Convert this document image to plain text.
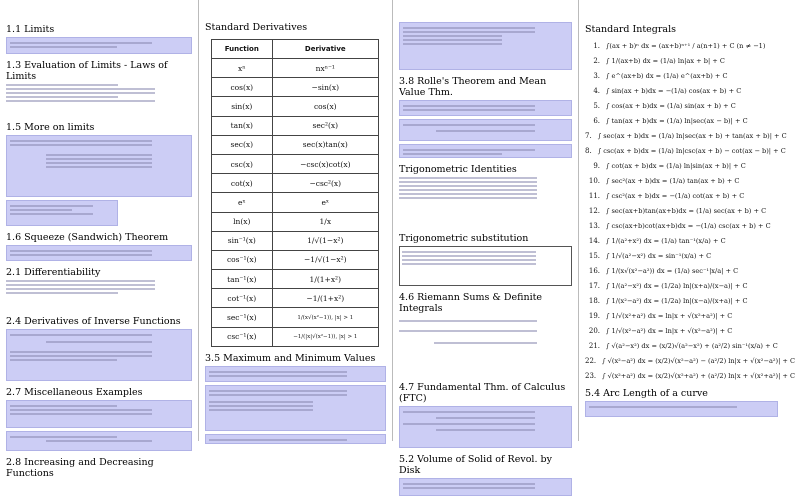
1.1 Limits
1.3 Evaluation of Limits - Laws of Limits
1.5 More on limits
1.6 Squeeze (Sandwich) Theorem
2.1 Differentiability
2.4 Derivatives of Inverse Functions
2.7 Miscellaneous Examples
2.8 Increasing and Decreasing Functions
Standard Derivatives
Function	Derivative
xⁿ	nxⁿ⁻¹
cos(x)	−sin(x)
sin(x)	cos(x)
tan(x)	sec²(x)
sec(x)	sec(x)tan(x)
csc(x)	−csc(x)cot(x)
cot(x)	−csc²(x)
eˣ	eˣ
ln(x)	1/x
sin⁻¹(x)	1/√(1−x²)
cos⁻¹(x)	−1/√(1−x²)
tan⁻¹(x)	1/(1+x²)
cot⁻¹(x)	−1/(1+x²)
sec⁻¹(x)	1/(x√(x²−1)), |x| > 1
csc⁻¹(x)	−1/(|x|√(x²−1)), |x| > 1
3.5 Maximum and Minimum Values
3.8 Rolle's Theorem and Mean Value Thm.
Trigonometric Identities
Trigonometric substitution
4.6 Riemann Sums & Definite Integrals
4.7 Fundamental Thm. of Calculus (FTC)
5.2 Volume of Solid of Revol. by Disk
Standard Integrals
1. ∫(ax + b)ⁿ dx = (ax+b)ⁿ⁺¹ / a(n+1) + C (n ≠ −1)
2. ∫ 1/(ax+b) dx = (1/a) ln|ax + b| + C
3. ∫ e^(ax+b) dx = (1/a) e^(ax+b) + C
4. ∫ sin(ax + b)dx = −(1/a) cos(ax + b) + C
5. ∫ cos(ax + b)dx = (1/a) sin(ax + b) + C
6. ∫ tan(ax + b)dx = (1/a) ln|sec(ax − b)| + C
7. ∫ sec(ax + b)dx = (1/a) ln|sec(ax + b) + tan(ax + b)| + C
8. ∫ csc(ax + b)dx = (1/a) ln|csc(ax + b) − cot(ax − b)| + C
9. ∫ cot(ax + b)dx = (1/a) ln|sin(ax + b)| + C
10. ∫ sec²(ax + b)dx = (1/a) tan(ax + b) + C
11. ∫ csc²(ax + b)dx = −(1/a) cot(ax + b) + C
12. ∫ sec(ax+b)tan(ax+b)dx = (1/a) sec(ax + b) + C
13. ∫ csc(ax+b)cot(ax+b)dx = −(1/a) csc(ax + b) + C
14. ∫ 1/(a²+x²) dx = (1/a) tan⁻¹(x/a) + C
15. ∫ 1/√(a²−x²) dx = sin⁻¹(x/a) + C
16. ∫ 1/(x√(x²−a²)) dx = (1/a) sec⁻¹|x/a| + C
17. ∫ 1/(a²−x²) dx = (1/2a) ln|(x+a)/(x−a)| + C
18. ∫ 1/(x²−a²) dx = (1/2a) ln|(x−a)/(x+a)| + C
19. ∫ 1/√(x²+a²) dx = ln|x + √(x²+a²)| + C
20. ∫ 1/√(x²−a²) dx = ln|x + √(x²−a²)| + C
21. ∫ √(a²−x²) dx = (x/2)√(a²−x²) + (a²/2) sin⁻¹(x/a) + C
22. ∫ √(x²−a²) dx = (x/2)√(x²−a²) − (a²/2) ln|x + √(x²−a²)| + C
23. ∫ √(x²+a²) dx = (x/2)√(x²+a²) + (a²/2) ln|x + √(x²+a²)| + C
5.4 Arc Length of a curve
